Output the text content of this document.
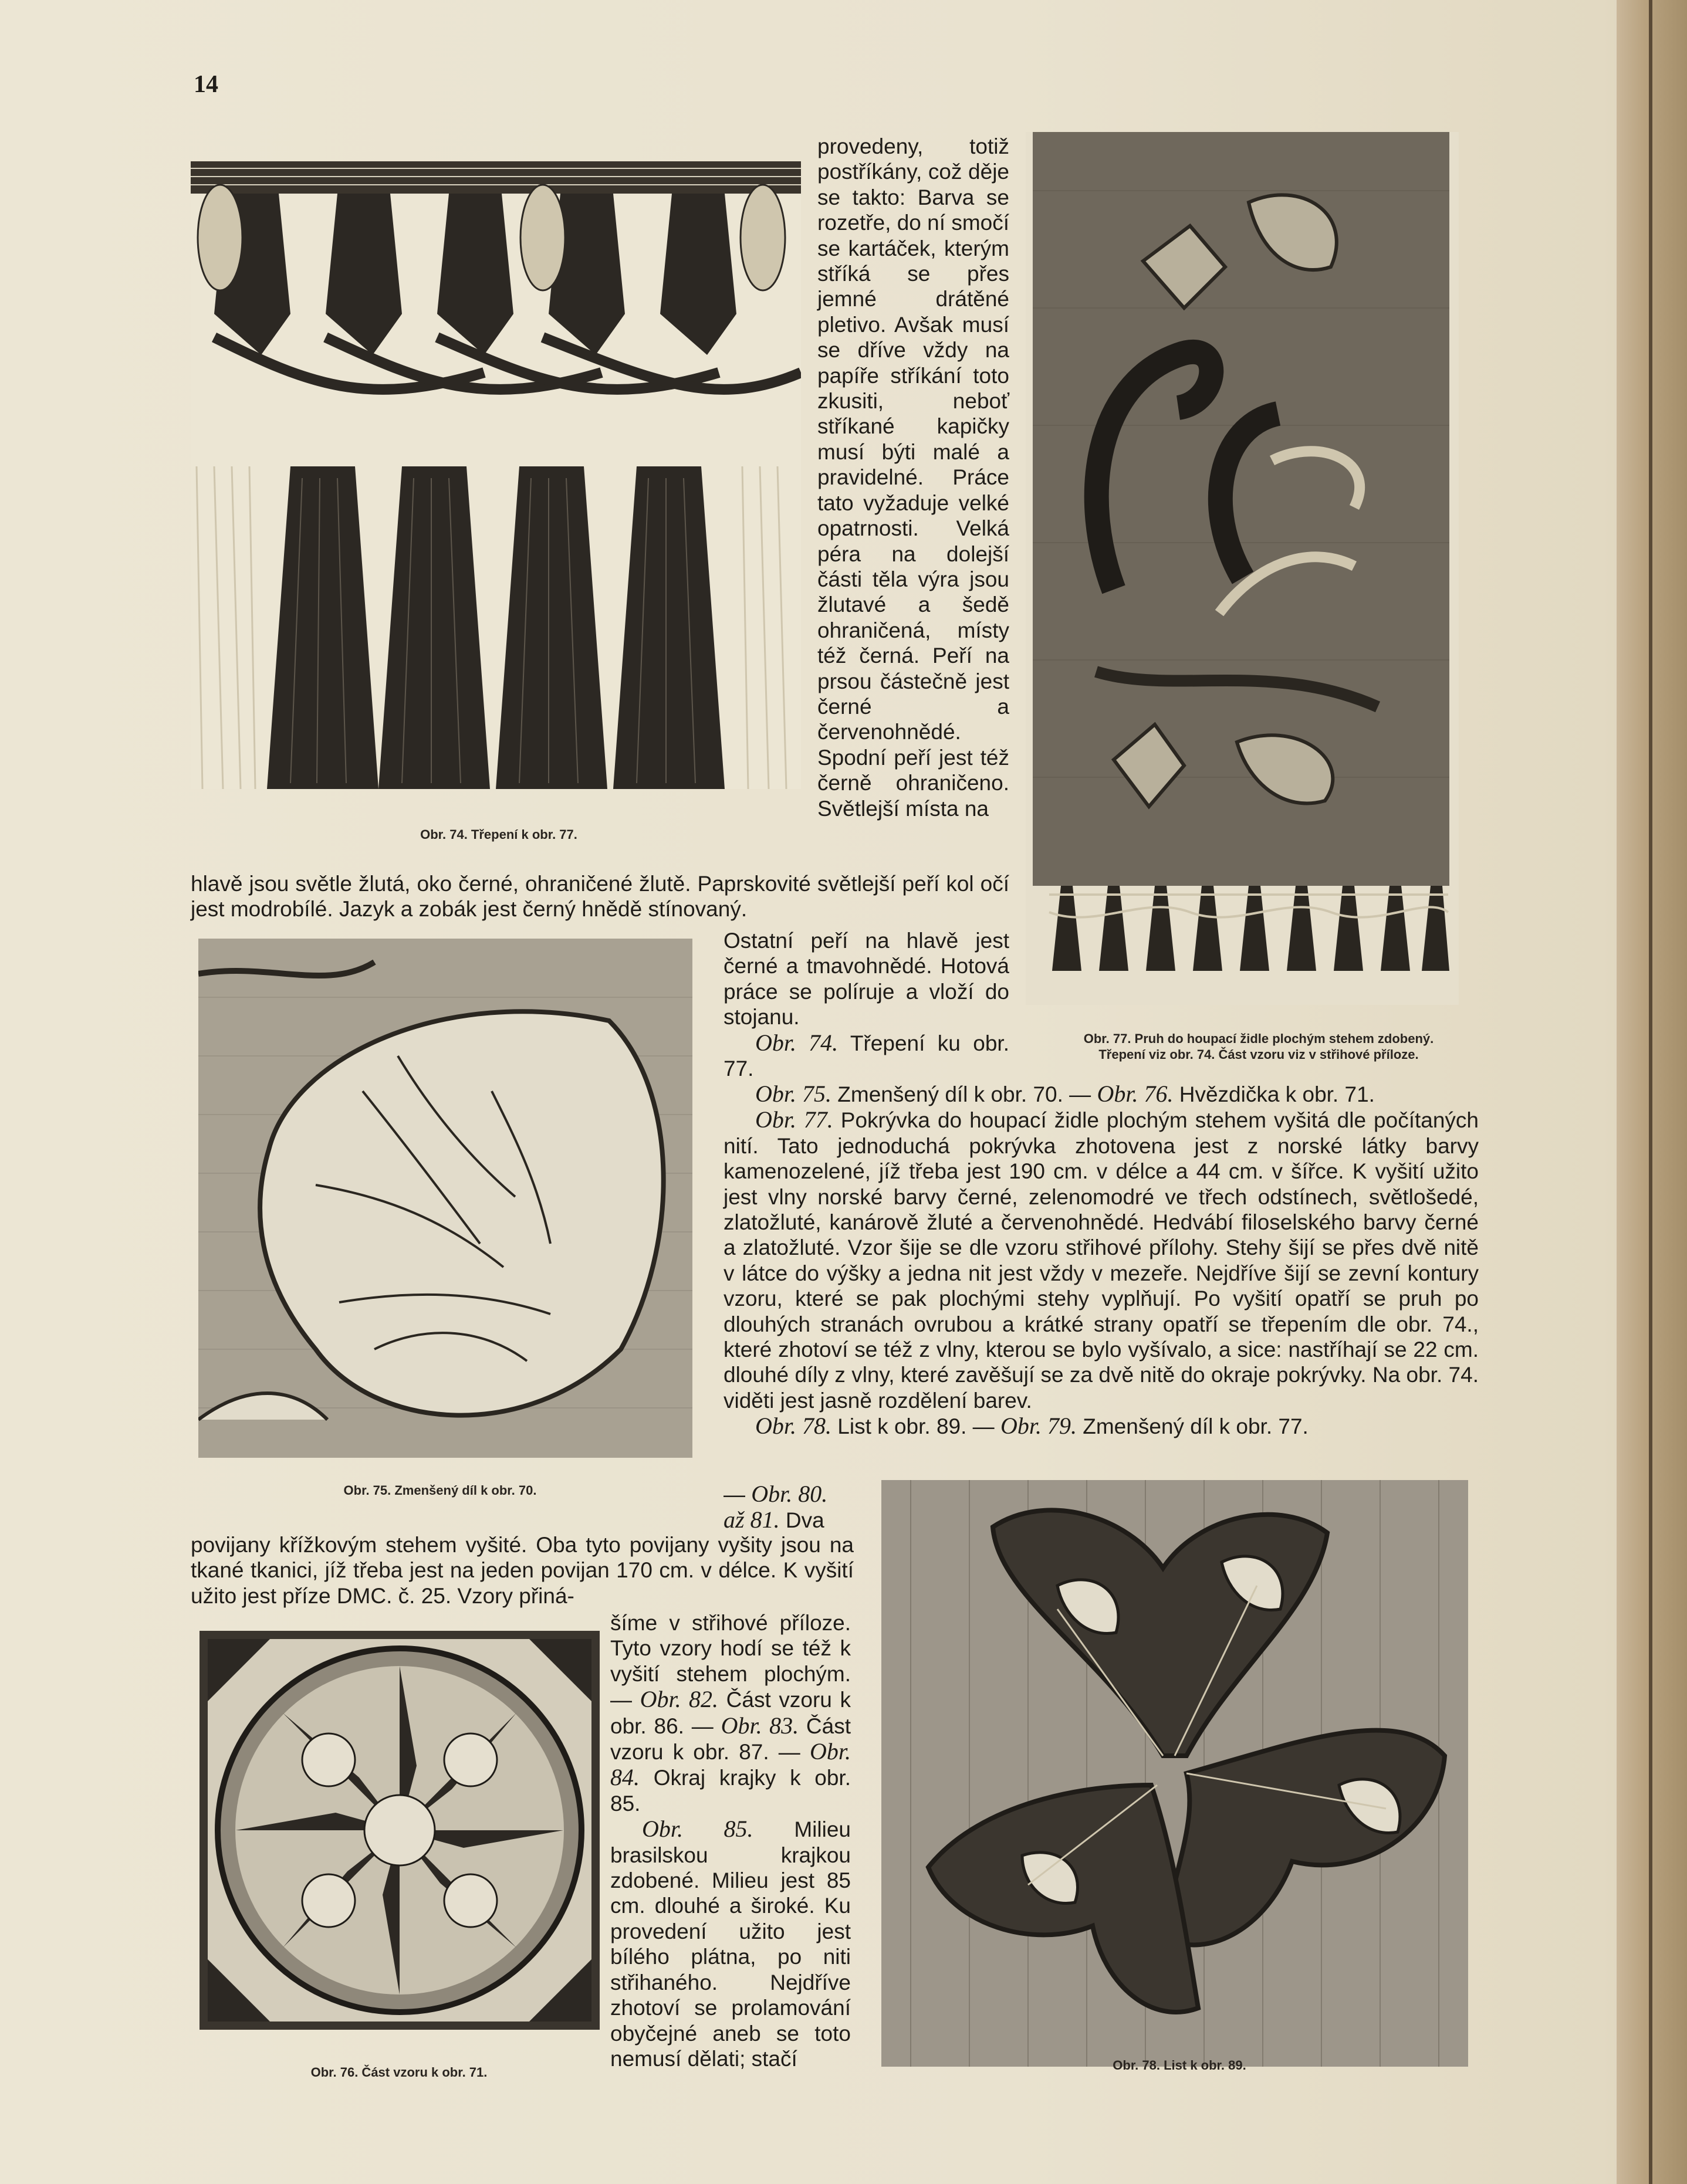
14
Obr. 74. Třepení k obr. 77.

provedeny, totiž postříkány, což děje se takto: Barva se rozetře, do ní smočí se kartáček, kterým stříká se přes jemné drátěné pletivo. Avšak musí se dříve vždy na papíře stříkání toto zkusiti, neboť stříkané kapičky musí býti malé a pravidelné. Práce tato vyžaduje velké opatrnosti. Velká péra na dolejší části těla výra jsou žlutavé a šedě ohraničená, místy též černá. Peří na prsou částečně jest černé a červenohnědé. Spodní peří jest též černě ohraničeno. Světlejší místa na

Obr. 77. Pruh do houpací židle plochým stehem zdobený.
Třepení viz obr. 74. Část vzoru viz v střihové příloze.

hlavě jsou světle žlutá, oko černé, ohraničené žlutě. Paprskovité světlejší peří kol očí jest modrobílé. Jazyk a zobák jest černý hnědě stínovaný.

Obr. 75. Zmenšený díl k obr. 70.

Ostatní peří na hlavě jest černé a tmavohnědé. Hotová práce se políruje a vloží do stojanu.

Obr. 74. Třepení ku obr. 77.

Obr. 75. Zmenšený díl k obr. 70. — Obr. 76. Hvězdička k obr. 71.

Obr. 77. Pokrývka do houpací židle plochým stehem vyšitá dle počítaných nití. Tato jednoduchá pokrývka zhotovena jest z norské látky barvy kamenozelené, jíž třeba jest 190 cm. v délce a 44 cm. v šířce. K vyšití užito jest vlny norské barvy černé, zelenomodré ve třech odstínech, světlošedé, zlatožluté, kanárově žluté a červenohnědé. Hedvábí filoselského barvy černé a zlatožluté. Vzor šije se dle vzoru střihové přílohy. Stehy šijí se přes dvě nitě v látce do výšky a jedna nit jest vždy v mezeře. Nejdříve šijí se zevní kontury vzoru, které se pak plochými stehy vyplňují. Po vyšití opatří se pruh po dlouhých stranách ovrubou a krátké strany opatří se třepením dle obr. 74., které zhotoví se též z vlny, kterou se bylo vyšívalo, a sice: nastříhají se 22 cm. dlouhé díly z vlny, které zavěšují se za dvě nitě do okraje pokrývky. Na obr. 74. viděti jest jasně rozdělení barev.

Obr. 78. List k obr. 89. — Obr. 79. Zmenšený díl k obr. 77.

— Obr. 80.

až 81. Dva

Obr. 78. List k obr. 89.

povijany křížkovým stehem vyšité. Oba tyto povijany vyšity jsou na tkané tkanici, jíž třeba jest na jeden povijan 170 cm. v délce. K vyšití užito jest příze DMC. č. 25. Vzory přiná-

Obr. 76. Část vzoru k obr. 71.

šíme v střihové příloze. Tyto vzory hodí se též k vyšití stehem plochým. — Obr. 82. Část vzoru k obr. 86. — Obr. 83. Část vzoru k obr. 87. — Obr. 84. Okraj krajky k obr. 85.

Obr. 85. Milieu brasilskou krajkou zdobené. Milieu jest 85 cm. dlouhé a široké. Ku provedení užito jest bílého plátna, po niti střihaného. Nejdříve zhotoví se prolamování obyčejné aneb se toto nemusí dělati; stačí
